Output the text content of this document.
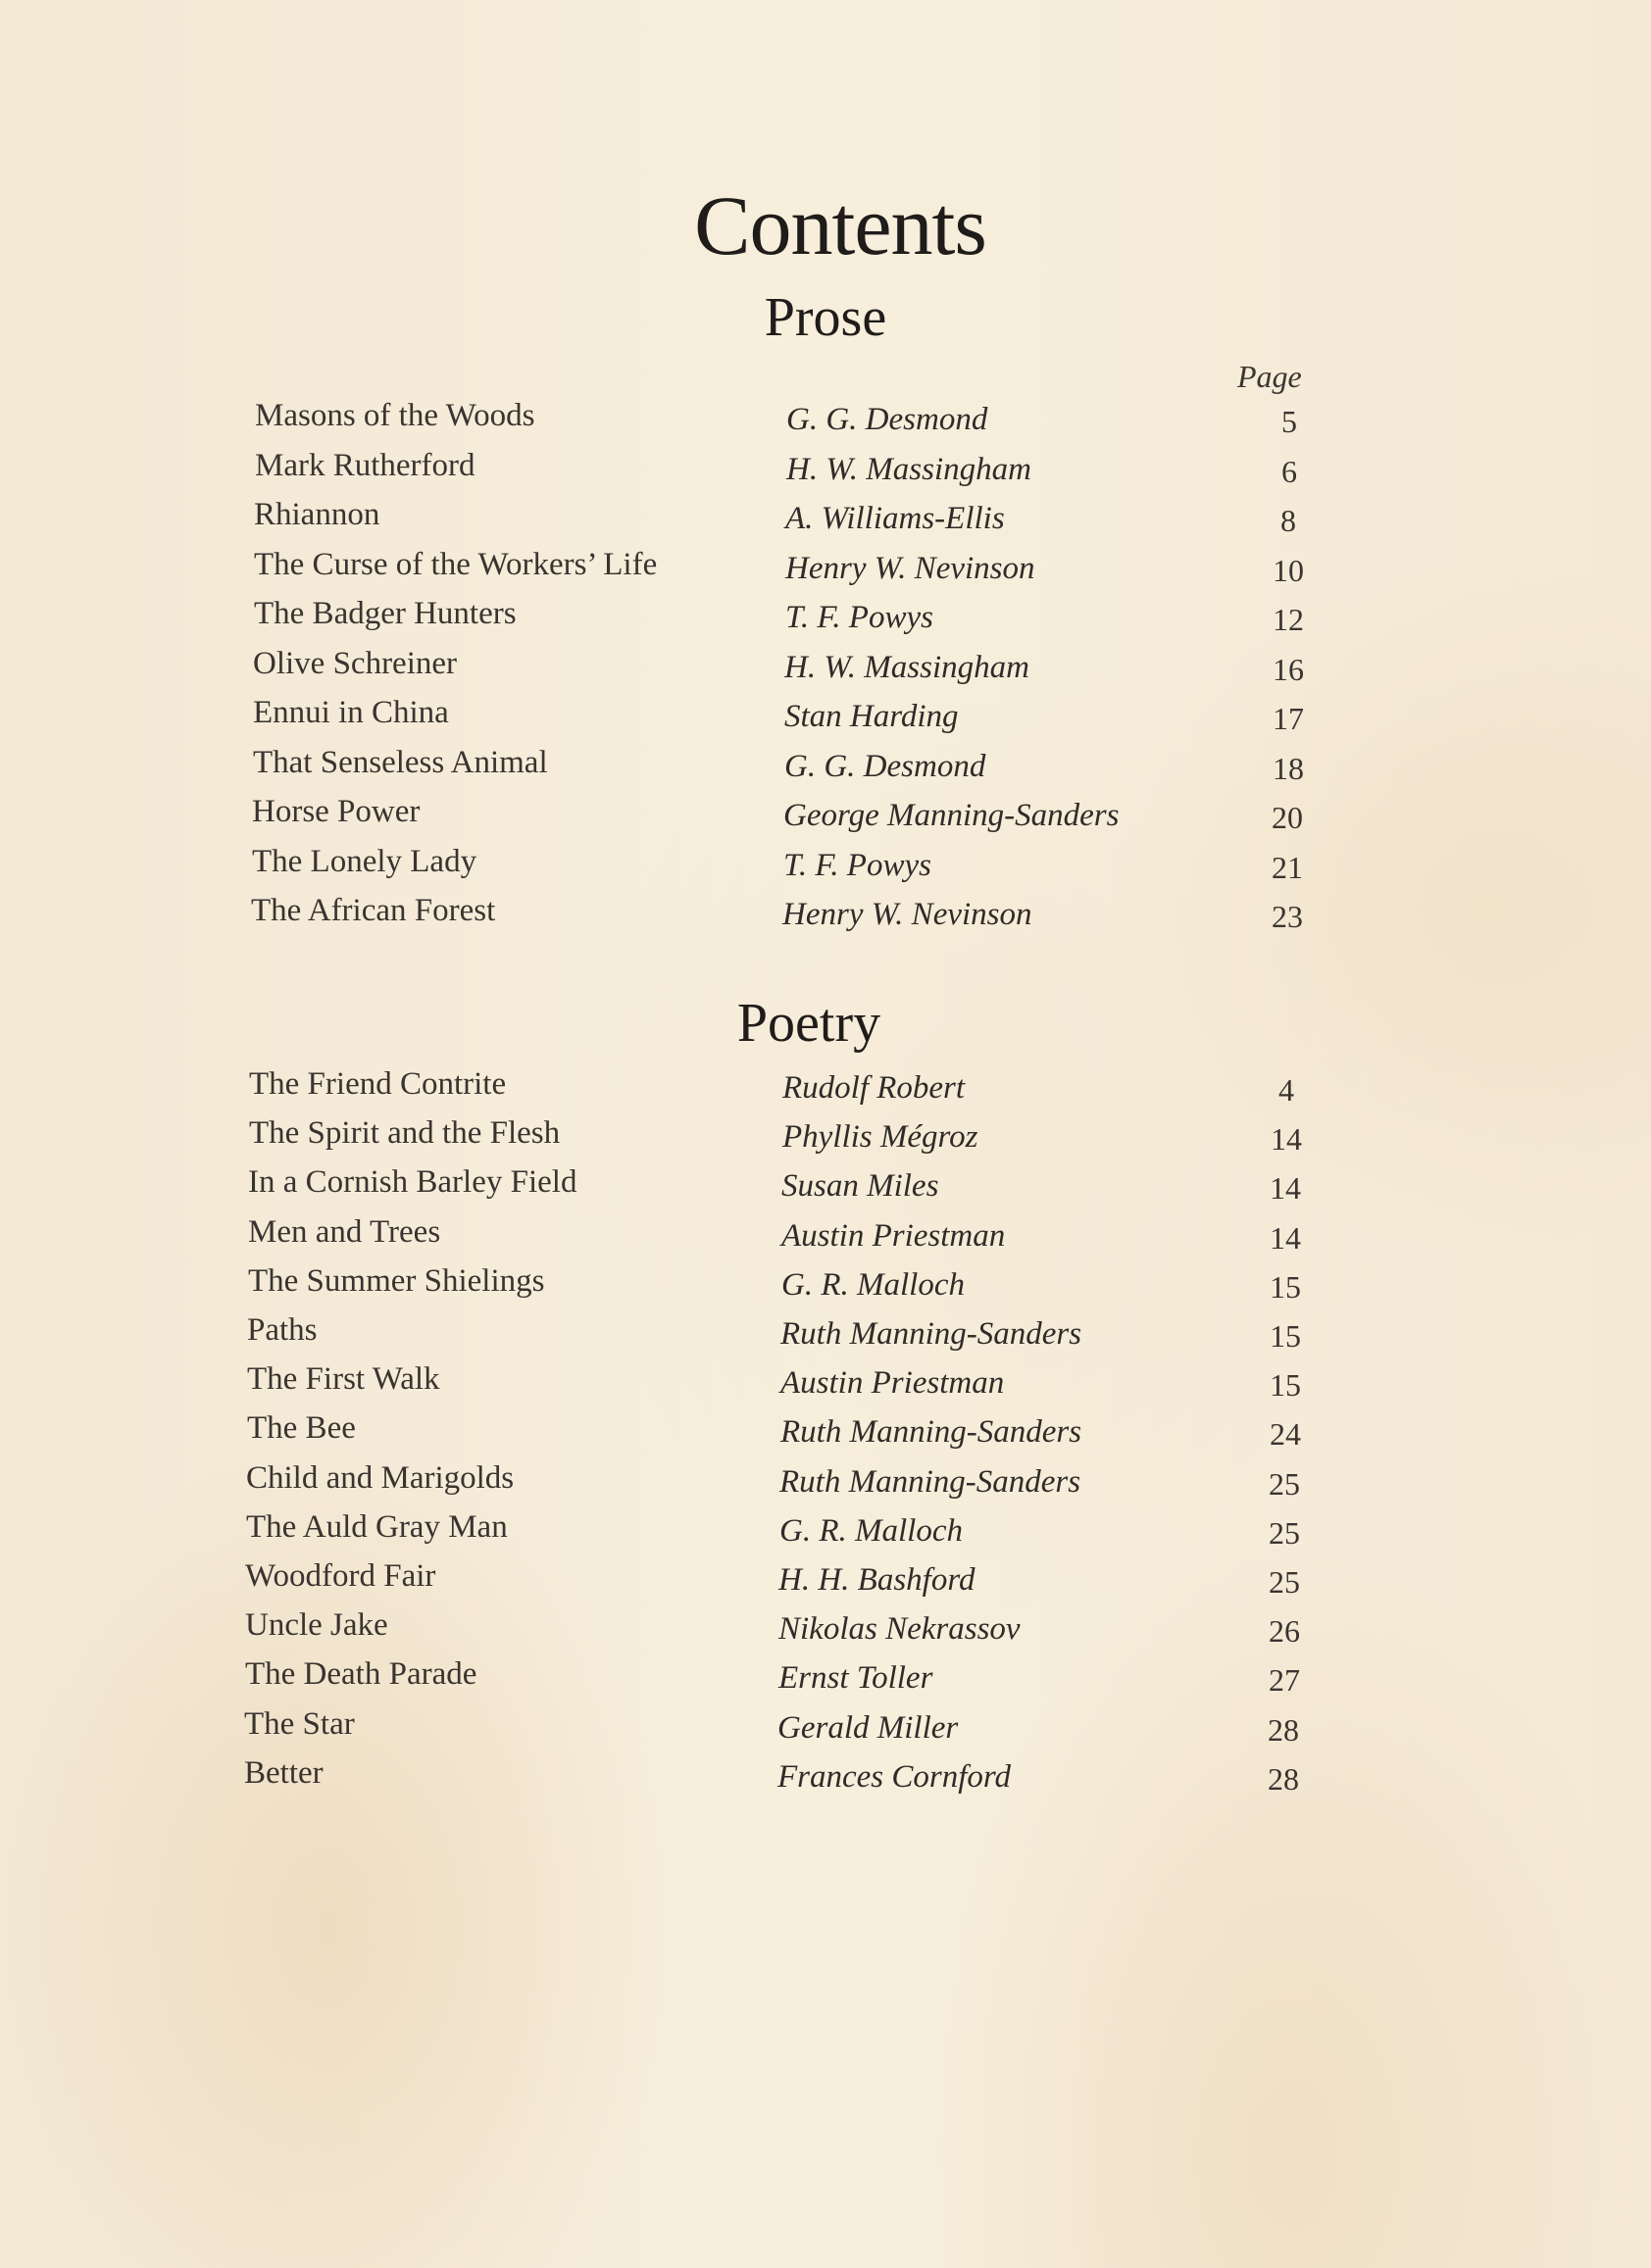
Contents
Prose
Page
Masons of the Woods	G. G. Desmond	5
Mark Rutherford	H. W. Massingham	6
Rhiannon	A. Williams-Ellis	8
The Curse of the Workers’ Life	Henry W. Nevinson	10
The Badger Hunters	T. F. Powys	12
Olive Schreiner	H. W. Massingham	16
Ennui in China	Stan Harding	17
That Senseless Animal	G. G. Desmond	18
Horse Power	George Manning-Sanders	20
The Lonely Lady	T. F. Powys	21
The African Forest	Henry W. Nevinson	23
Poetry
The Friend Contrite	Rudolf Robert	4
The Spirit and the Flesh	Phyllis Mégroz	14
In a Cornish Barley Field	Susan Miles	14
Men and Trees	Austin Priestman	14
The Summer Shielings	G. R. Malloch	15
Paths	Ruth Manning-Sanders	15
The First Walk	Austin Priestman	15
The Bee	Ruth Manning-Sanders	24
Child and Marigolds	Ruth Manning-Sanders	25
The Auld Gray Man	G. R. Malloch	25
Woodford Fair	H. H. Bashford	25
Uncle Jake	Nikolas Nekrassov	26
The Death Parade	Ernst Toller	27
The Star	Gerald Miller	28
Better	Frances Cornford	28
